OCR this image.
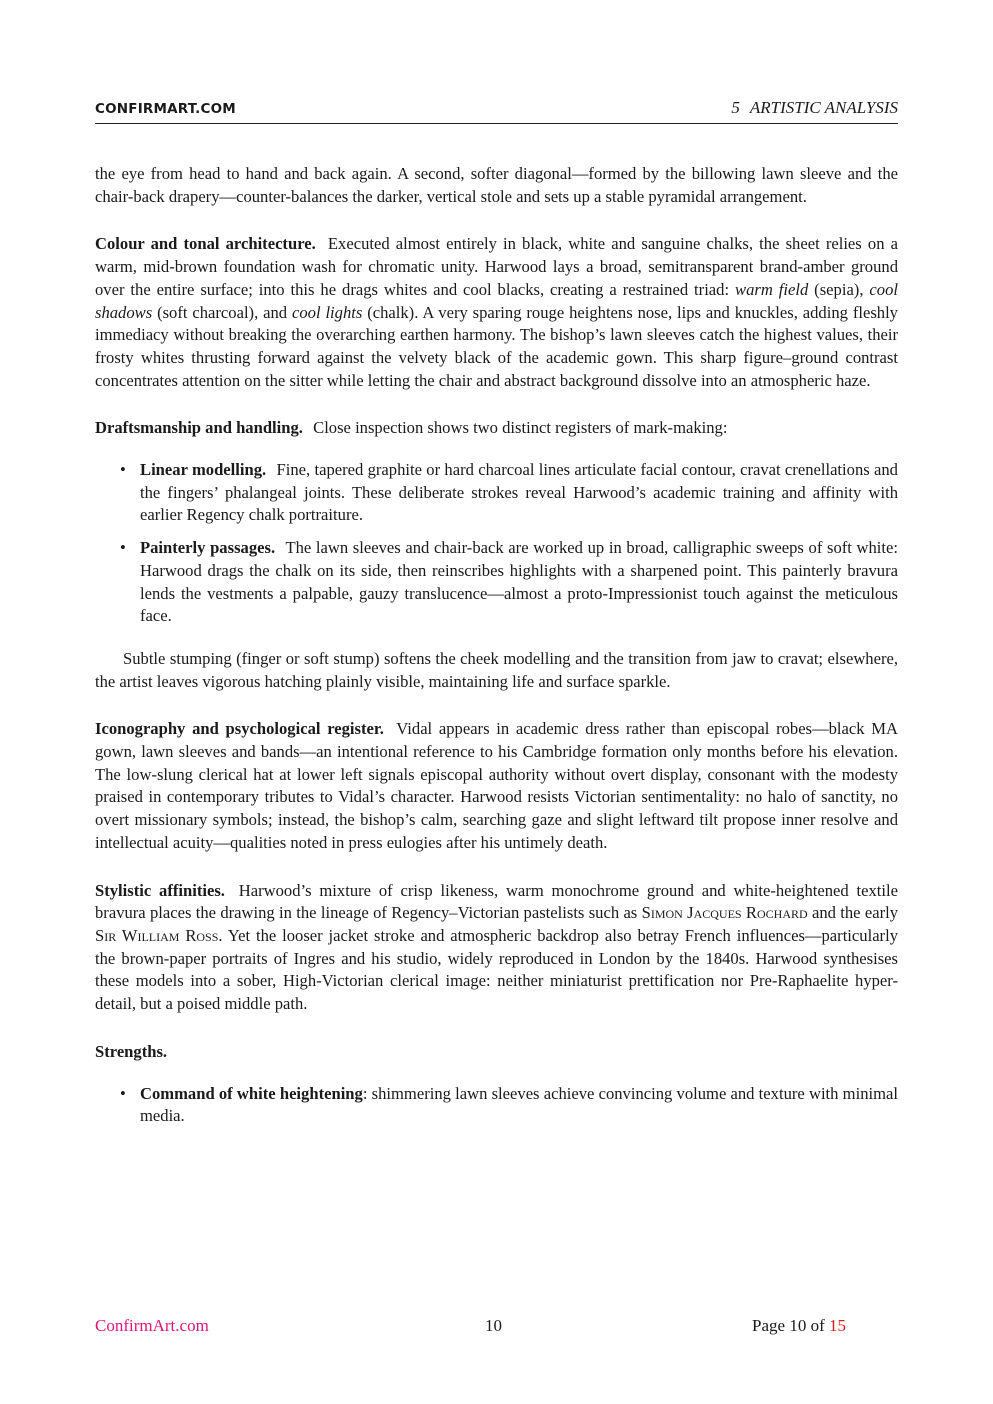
CONFIRMART.COM	5 ARTISTIC ANALYSIS

the eye from head to hand and back again. A second, softer diagonal—formed by the billowing lawn sleeve and the chair-back drapery—counter-balances the darker, vertical stole and sets up a stable pyramidal arrangement.

Colour and tonal architecture. Executed almost entirely in black, white and sanguine chalks, the sheet relies on a warm, mid-brown foundation wash for chromatic unity. Harwood lays a broad, semitransparent brand-amber ground over the entire surface; into this he drags whites and cool blacks, creating a restrained triad: warm field (sepia), cool shadows (soft charcoal), and cool lights (chalk). A very sparing rouge heightens nose, lips and knuckles, adding fleshly immediacy without breaking the overarching earthen harmony. The bishop’s lawn sleeves catch the highest values, their frosty whites thrusting forward against the velvety black of the academic gown. This sharp figure–ground contrast concentrates attention on the sitter while letting the chair and abstract background dissolve into an atmospheric haze.

Draftsmanship and handling. Close inspection shows two distinct registers of mark-making:

• Linear modelling. Fine, tapered graphite or hard charcoal lines articulate facial contour, cravat crenellations and the fingers’ phalangeal joints. These deliberate strokes reveal Harwood’s academic training and affinity with earlier Regency chalk portraiture.
• Painterly passages. The lawn sleeves and chair-back are worked up in broad, calligraphic sweeps of soft white: Harwood drags the chalk on its side, then reinscribes highlights with a sharpened point. This painterly bravura lends the vestments a palpable, gauzy translucence—almost a proto-Impressionist touch against the meticulous face.

Subtle stumping (finger or soft stump) softens the cheek modelling and the transition from jaw to cravat; elsewhere, the artist leaves vigorous hatching plainly visible, maintaining life and surface sparkle.

Iconography and psychological register. Vidal appears in academic dress rather than episcopal robes—black MA gown, lawn sleeves and bands—an intentional reference to his Cambridge formation only months before his elevation. The low-slung clerical hat at lower left signals episcopal authority without overt display, consonant with the modesty praised in contemporary tributes to Vidal’s character. Harwood resists Victorian sentimentality: no halo of sanctity, no overt missionary symbols; instead, the bishop’s calm, searching gaze and slight leftward tilt propose inner resolve and intellectual acuity—qualities noted in press eulogies after his untimely death.

Stylistic affinities. Harwood’s mixture of crisp likeness, warm monochrome ground and white-heightened textile bravura places the drawing in the lineage of Regency–Victorian pastelists such as Simon Jacques Rochard and the early Sir William Ross. Yet the looser jacket stroke and atmospheric backdrop also betray French influences—particularly the brown-paper portraits of Ingres and his studio, widely reproduced in London by the 1840s. Harwood synthesises these models into a sober, High-Victorian clerical image: neither miniaturist prettification nor Pre-Raphaelite hyper-detail, but a poised middle path.

Strengths.

• Command of white heightening: shimmering lawn sleeves achieve convincing volume and texture with minimal media.
ConfirmArt.com	10	Page 10 of 15
